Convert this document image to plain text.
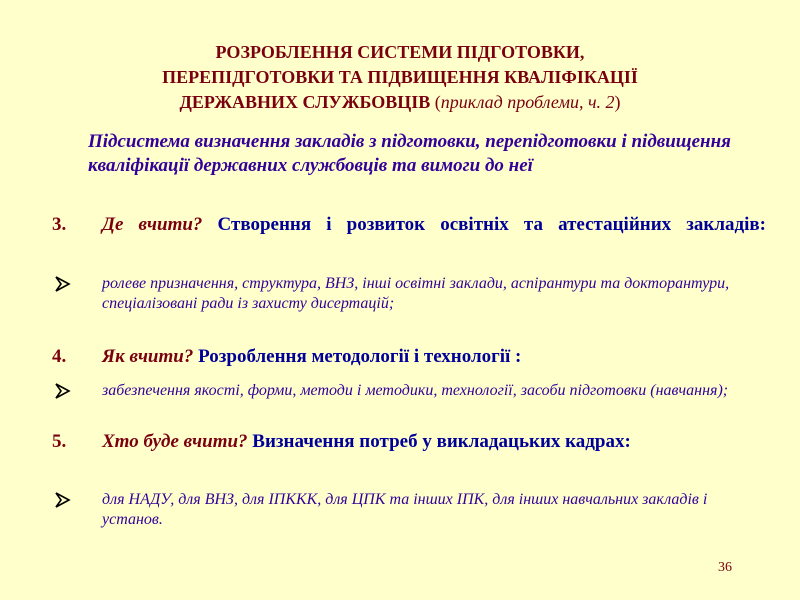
РОЗРОБЛЕННЯ СИСТЕМИ ПІДГОТОВКИ,
ПЕРЕПІДГОТОВКИ ТА ПІДВИЩЕННЯ КВАЛІФІКАЦІЇ
ДЕРЖАВНИХ СЛУЖБОВЦІВ (приклад проблеми, ч. 2)
Підсистема визначення закладів з підготовки, перепідготовки і підвищення кваліфікації державних службовців та вимоги до неї
3. Де вчити? Створення і розвиток освітніх та атестаційних закладів:
ролеве призначення, структура, ВНЗ, інші освітні заклади, аспірантури та докторантури, спеціалізовані ради із захисту дисертацій;
4. Як вчити? Розроблення методології і технології :
забезпечення якості, форми, методи і методики, технології, засоби підготовки (навчання);
5. Хто буде вчити? Визначення потреб у викладацьких кадрах:
для НАДУ, для ВНЗ, для ІПККК, для ЦПК та інших ІПК, для інших навчальних закладів і установ.
36
